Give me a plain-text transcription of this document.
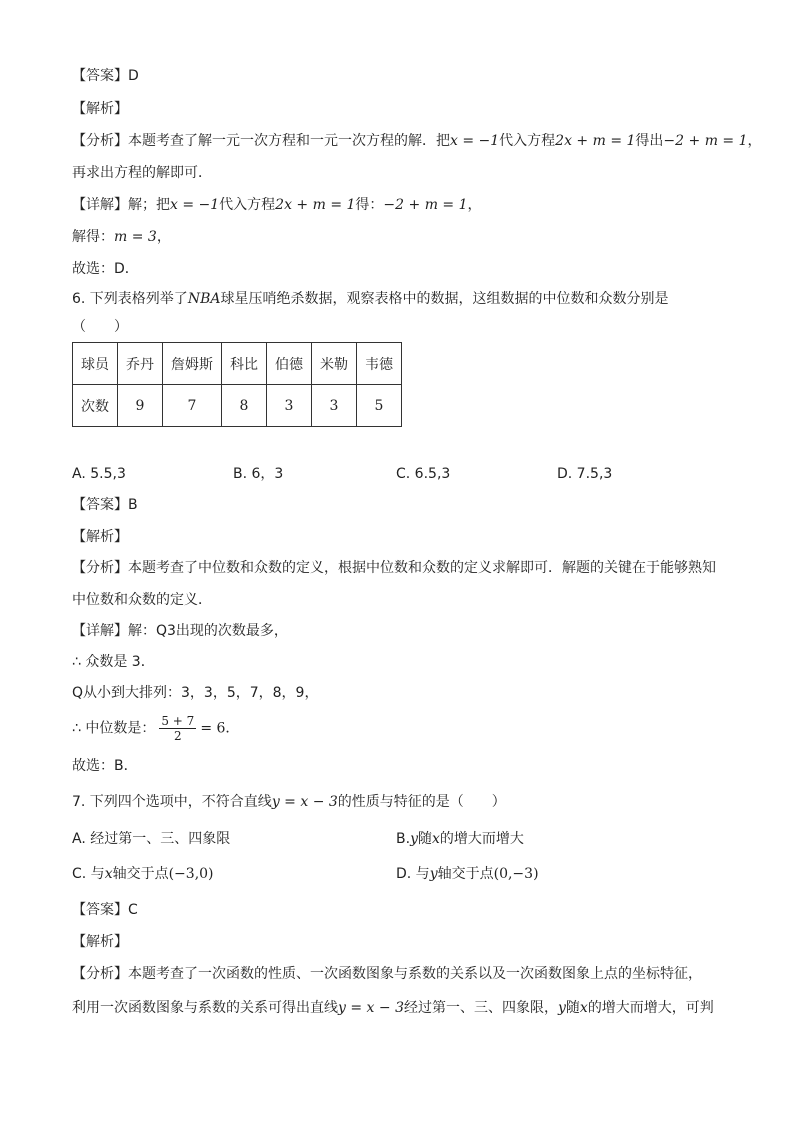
【答案】D
【解析】
【分析】本题考查了解一元一次方程和一元一次方程的解．把x = −1代入方程2x + m = 1得出−2 + m = 1，
再求出方程的解即可．
【详解】解；把x = −1代入方程2x + m = 1得：−2 + m = 1，
解得：m = 3，
故选：D．
6. 下列表格列举了NBA球星压哨绝杀数据，观察表格中的数据，这组数据的中位数和众数分别是
（　　）
球员	乔丹	詹姆斯	科比	伯德	米勒	韦德
次数	9	7	8	3	3	5
A. 5.5,3	B. 6，3	C. 6.5,3	D. 7.5,3
【答案】B
【解析】
【分析】本题考查了中位数和众数的定义，根据中位数和众数的定义求解即可．解题的关键在于能够熟知
中位数和众数的定义．
【详解】解：Q3出现的次数最多，
∴ 众数是 3．
Q从小到大排列：3，3，5，7，8，9，
∴ 中位数是： $\frac{5 + 7}{2} = 6$．
故选：B．
7. 下列四个选项中，不符合直线y = x − 3的性质与特征的是（　　）
A. 经过第一、三、四象限	B.y随x的增大而增大
C. 与x轴交于点(−3,0)	D. 与y轴交于点(0,−3)
【答案】C
【解析】
【分析】本题考查了一次函数的性质、一次函数图象与系数的关系以及一次函数图象上点的坐标特征，
利用一次函数图象与系数的关系可得出直线y = x − 3经过第一、三、四象限，y随x的增大而增大，可判
